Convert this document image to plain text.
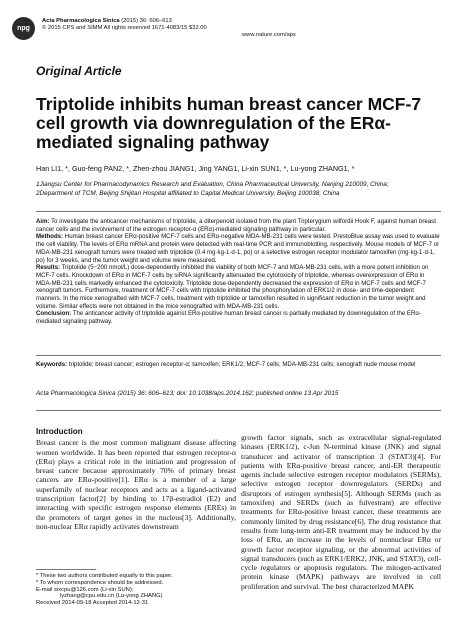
npg
Acta Pharmacologica Sinica (2015) 36: 606–613
© 2015 CPS and SIMM All rights reserved 1671-4083/15 $32.00
www.nature.com/aps
Original Article
Triptolide inhibits human breast cancer MCF-7 cell growth via downregulation of the ERα-mediated signaling pathway
Han LI1, *, Guo-feng PAN2, *, Zhen-zhou JIANG1, Jing YANG1, Li-xin SUN1, *, Lu-yong ZHANG1, *
1Jiangsu Center for Pharmacodynamics Research and Evaluation, China Pharmaceutical University, Nanjing 210009, China;
2Department of TCM, Beijing Shijitan Hospital affiliated to Capital Medical University, Beijing 100038, China

Aim: To investigate the anticancer mechanisms of triptolide, a diterpenoid isolated from the plant Tripterygium wilfordii Hook F, against human breast cancer cells and the involvement of the estrogen receptor-α (ERα)-mediated signaling pathway in particular.

Methods: Human breast cancer ERα-positive MCF-7 cells and ERα-negative MDA-MB-231 cells were tested. PrestoBlue assay was used to evaluate the cell viability. The levels of ERα mRNA and protein were detected with real-time PCR and immunoblotting, respectively. Mouse models of MCF-7 or MDA-MB-231 xenograft tumors were treated with triptolide (0.4 mg·kg-1·d-1, po) or a selective estrogen receptor modulator tamoxifen (mg·kg-1·d-1, po) for 3 weeks, and the tumor weight and volume were measured.

Results: Triptolide (5−200 nmol/L) dose-dependently inhibited the viability of both MCF-7 and MDA-MB-231 cells, with a more potent inhibition on MCF-7 cells. Knockdown of ERα in MCF-7 cells by siRNA significantly attenuated the cytotoxicity of triptolide, whereas overexpression of ERα in MDA-MB-231 cells markedly enhanced the cytotoxicity. Triptolide dose-dependently decreased the expression of ERα in MCF-7 cells and MCF-7 xenograft tumors. Furthermore, treatment of MCF-7 cells with triptolide inhibited the phosphorylation of ERK1/2 in dose- and time-dependent manners. In the mice xenografted with MCF-7 cells, treatment with triptolide or tamoxifen resulted in significant reduction in the tumor weight and volume. Similar effects were not obtained in the mice xenografted with MDA-MB-231 cells.

Conclusion: The anticancer activity of triptolide against ERα-positive human breast cancer is partially mediated by downregulation of the ERα-mediated signaling pathway.

Keywords: triptolide; breast cancer; estrogen receptor-α; tamoxifen; ERK1/2; MCF-7 cells; MDA-MB-231 cells; xenograft nude mouse model
Acta Pharmacologica Sinica (2015) 36: 606–613; doi: 10.1038/aps.2014.162; published online 13 Apr 2015
Introduction
Breast cancer is the most common malignant disease affecting women worldwide. It has been reported that estrogen receptor-α (ERα) plays a critical role in the initiation and progression of breast cancer because approximately 70% of primary breast cancers are ERα-positive[1]. ERα is a member of a large superfamily of nuclear receptors and acts as a ligand-activated transcription factor[2] by binding to 17β-estradiol (E2) and interacting with specific estrogen response elements (EREs) in the promoters of target genes in the nucleus[3]. Additionally, non-nuclear ERα rapidly activates downstream
growth factor signals, such as extracellular signal-regulated kinases (ERK1/2), c-Jun N-terminal kinase (JNK) and signal transducer and activator of transcription 3 (STAT3)[4]. For patients with ERα-positive breast cancer, anti-ER therapeutic agents include selective estrogen receptor modulators (SERMs), selective estrogen receptor downregulators (SERDs) and disruptors of estrogen synthesis[5]. Although SERMs (such as tamoxifen) and SERDs (such as fulvestrant) are effective treatments for ERα-positive breast cancer, these treatments are commonly limited by drug resistance[6]. The drug resistance that results from long-term anti-ER treatment may be induced by the loss of ERα, an increase in the levels of nonnuclear ERα or growth factor receptor signaling, or the abnormal activities of signal transducers (such as ERK1/ERK2, JNK, and STAT3), cell-cycle regulators or apoptosis regulators. The mitogen-activated protein kinase (MAPK) pathways are involved in cell proliferation and survival. The best characterized MAPK
* These two authors contributed equally to this paper.
* To whom correspondence should be addressed.
E-mail sixcpu@126.com (Li-xin SUN);
lyzhang@cpu.edu.cn (Lu-yong ZHANG)
Received 2014-09-18 Accepted 2014-12-31
